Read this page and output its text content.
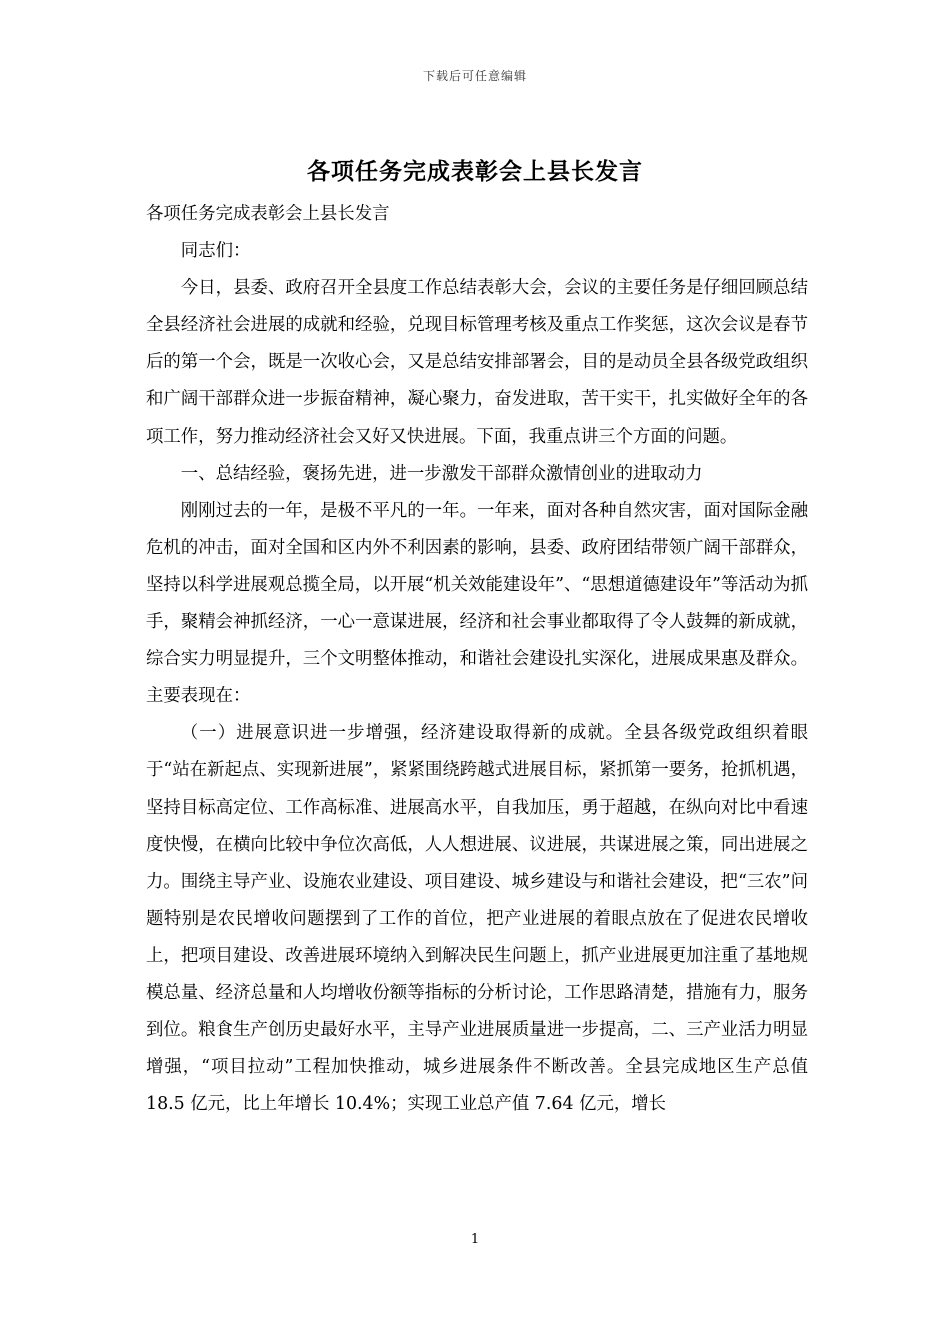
下载后可任意编辑
各项任务完成表彰会上县长发言

各项任务完成表彰会上县长发言

同志们：

今日，县委、政府召开全县度工作总结表彰大会，会议的主要任务是仔细回顾总结全县经济社会进展的成就和经验，兑现目标管理考核及重点工作奖惩，这次会议是春节后的第一个会，既是一次收心会，又是总结安排部署会，目的是动员全县各级党政组织和广阔干部群众进一步振奋精神，凝心聚力，奋发进取，苦干实干，扎实做好全年的各项工作，努力推动经济社会又好又快进展。下面，我重点讲三个方面的问题。

一、总结经验，褒扬先进，进一步激发干部群众激情创业的进取动力

刚刚过去的一年，是极不平凡的一年。一年来，面对各种自然灾害，面对国际金融危机的冲击，面对全国和区内外不利因素的影响，县委、政府团结带领广阔干部群众，坚持以科学进展观总揽全局，以开展“机关效能建设年”、“思想道德建设年”等活动为抓手，聚精会神抓经济，一心一意谋进展，经济和社会事业都取得了令人鼓舞的新成就，综合实力明显提升，三个文明整体推动，和谐社会建设扎实深化，进展成果惠及群众。主要表现在：

（一）进展意识进一步增强，经济建设取得新的成就。全县各级党政组织着眼于“站在新起点、实现新进展”，紧紧围绕跨越式进展目标，紧抓第一要务，抢抓机遇，坚持目标高定位、工作高标准、进展高水平，自我加压，勇于超越，在纵向对比中看速度快慢，在横向比较中争位次高低，人人想进展、议进展，共谋进展之策，同出进展之力。围绕主导产业、设施农业建设、项目建设、城乡建设与和谐社会建设，把“三农”问题特别是农民增收问题摆到了工作的首位，把产业进展的着眼点放在了促进农民增收上，把项目建设、改善进展环境纳入到解决民生问题上，抓产业进展更加注重了基地规模总量、经济总量和人均增收份额等指标的分析讨论，工作思路清楚，措施有力，服务到位。粮食生产创历史最好水平，主导产业进展质量进一步提高，二、三产业活力明显增强，“项目拉动”工程加快推动，城乡进展条件不断改善。全县完成地区生产总值 18.5 亿元，比上年增长 10.4%；实现工业总产值 7.64 亿元，增长

1
